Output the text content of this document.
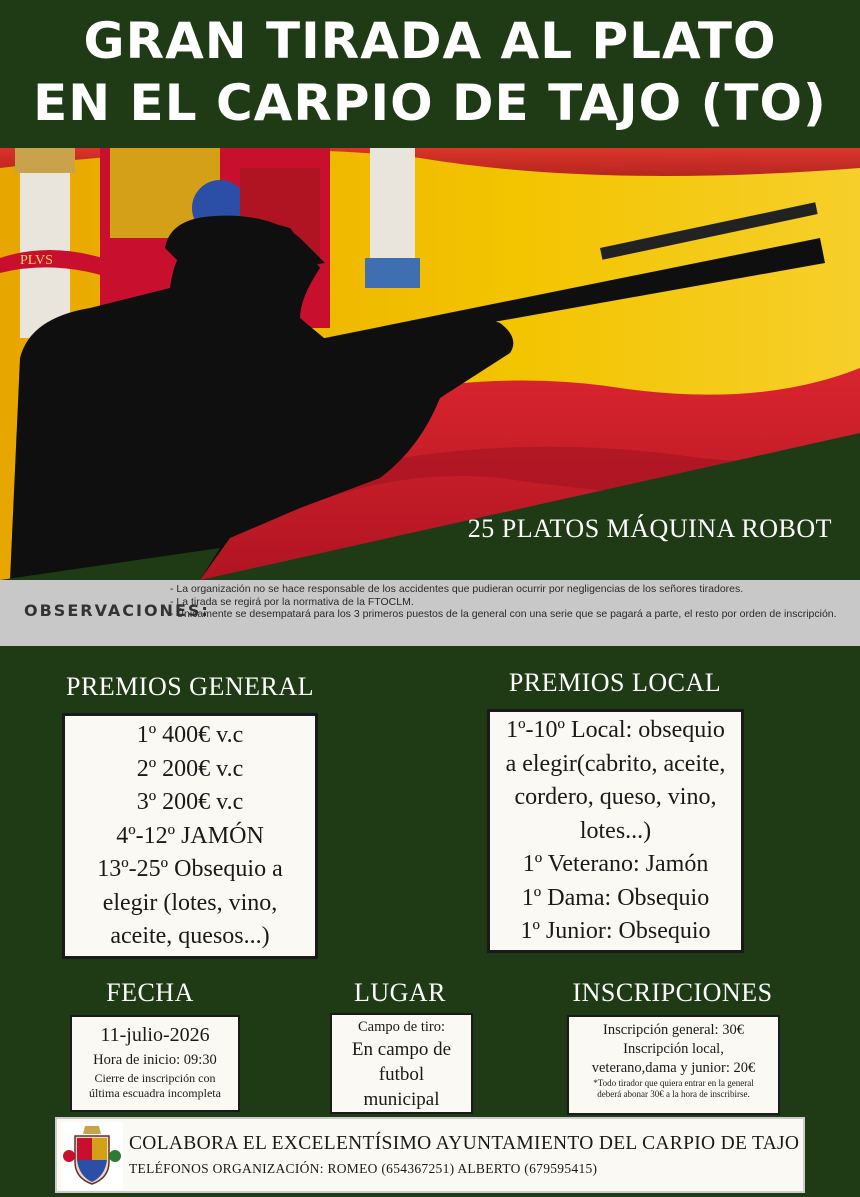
GRAN TIRADA AL PLATO
EN EL CARPIO DE TAJO (TO)
PLVS
25 PLATOS MÁQUINA ROBOT
OBSERVACIONES:
- La organización no se hace responsable de los accidentes que pudieran ocurrir por negligencias de los señores tiradores.
- La tirada se regirá por la normativa de la FTOCLM.
- Únicamente se desempatará para los 3 primeros puestos de la general con una serie que se pagará a parte, el resto por orden de inscripción.
PREMIOS GENERAL

1º 400€ v.c

2º 200€ v.c

3º 200€ v.c

4º-12º JAMÓN

13º-25º Obsequio a

elegir (lotes, vino,

aceite, quesos...)

PREMIOS LOCAL

1º-10º Local: obsequio

a elegir(cabrito, aceite,

cordero, queso, vino,

lotes...)

1º Veterano: Jamón

1º Dama: Obsequio

1º Junior: Obsequio

FECHA

11-julio-2026

Hora de inicio: 09:30

Cierre de inscripción con

última escuadra incompleta

LUGAR

Campo de tiro:

En campo de

futbol

municipal

INSCRIPCIONES

Inscripción general: 30€

Inscripción local,

veterano,dama y junior: 20€

*Todo tirador que quiera entrar en la general

deberá abonar 30€ a la hora de inscribirse.

COLABORA EL EXCELENTÍSIMO AYUNTAMIENTO DEL CARPIO DE TAJO
TELÉFONOS ORGANIZACIÓN: ROMEO (654367251) ALBERTO (679595415)
